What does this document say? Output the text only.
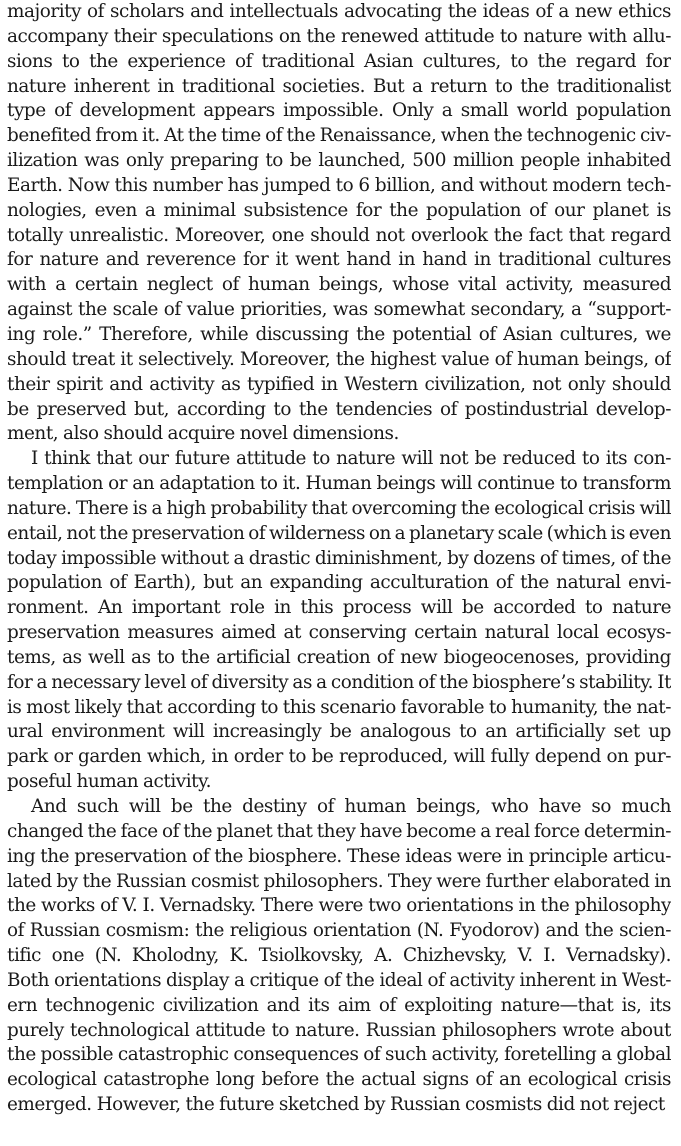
majority of scholars and intellectuals advocating the ideas of a new ethics
accompany their speculations on the renewed attitude to nature with allu-
sions to the experience of traditional Asian cultures, to the regard for
nature inherent in traditional societies. But a return to the traditionalist
type of development appears impossible. Only a small world population
benefited from it. At the time of the Renaissance, when the technogenic civ-
ilization was only preparing to be launched, 500 million people inhabited
Earth. Now this number has jumped to 6 billion, and without modern tech-
nologies, even a minimal subsistence for the population of our planet is
totally unrealistic. Moreover, one should not overlook the fact that regard
for nature and reverence for it went hand in hand in traditional cultures
with a certain neglect of human beings, whose vital activity, measured
against the scale of value priorities, was somewhat secondary, a “support-
ing role.” Therefore, while discussing the potential of Asian cultures, we
should treat it selectively. Moreover, the highest value of human beings, of
their spirit and activity as typified in Western civilization, not only should
be preserved but, according to the tendencies of postindustrial develop-
ment, also should acquire novel dimensions.
I think that our future attitude to nature will not be reduced to its con-
templation or an adaptation to it. Human beings will continue to transform
nature. There is a high probability that overcoming the ecological crisis will
entail, not the preservation of wilderness on a planetary scale (which is even
today impossible without a drastic diminishment, by dozens of times, of the
population of Earth), but an expanding acculturation of the natural envi-
ronment. An important role in this process will be accorded to nature
preservation measures aimed at conserving certain natural local ecosys-
tems, as well as to the artificial creation of new biogeocenoses, providing
for a necessary level of diversity as a condition of the biosphere’s stability. It
is most likely that according to this scenario favorable to humanity, the nat-
ural environment will increasingly be analogous to an artificially set up
park or garden which, in order to be reproduced, will fully depend on pur-
poseful human activity.
And such will be the destiny of human beings, who have so much
changed the face of the planet that they have become a real force determin-
ing the preservation of the biosphere. These ideas were in principle articu-
lated by the Russian cosmist philosophers. They were further elaborated in
the works of V. I. Vernadsky. There were two orientations in the philosophy
of Russian cosmism: the religious orientation (N. Fyodorov) and the scien-
tific one (N. Kholodny, K. Tsiolkovsky, A. Chizhevsky, V. I. Vernadsky).
Both orientations display a critique of the ideal of activity inherent in West-
ern technogenic civilization and its aim of exploiting nature—that is, its
purely technological attitude to nature. Russian philosophers wrote about
the possible catastrophic consequences of such activity, foretelling a global
ecological catastrophe long before the actual signs of an ecological crisis
emerged. However, the future sketched by Russian cosmists did not reject
